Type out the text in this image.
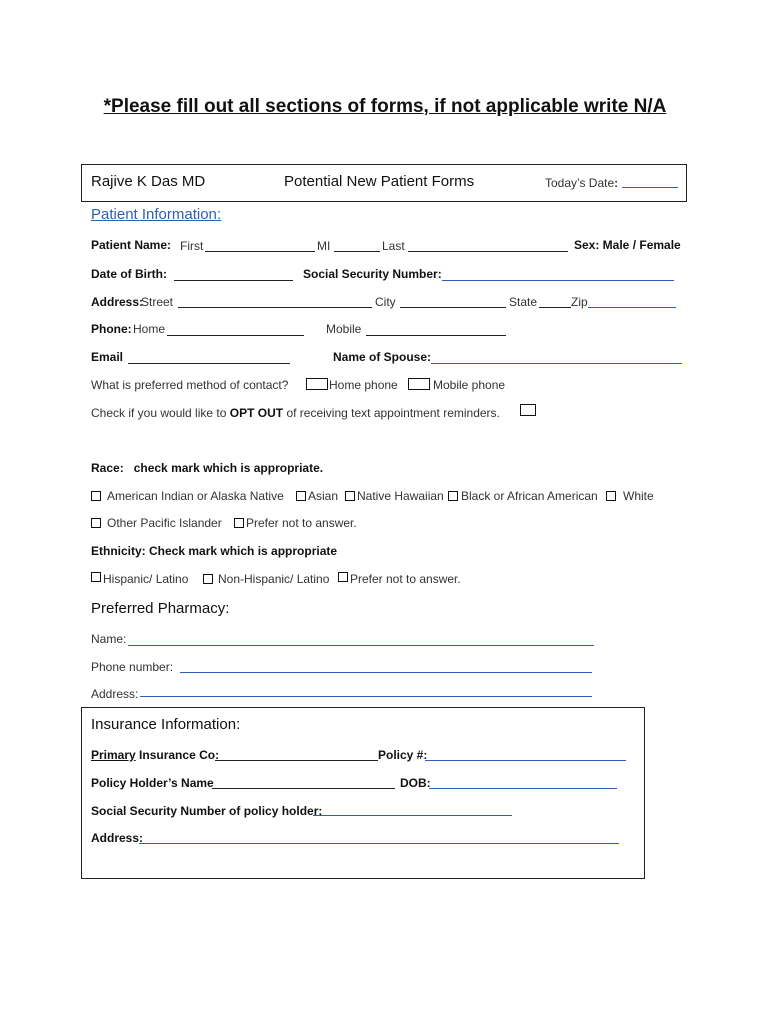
*Please fill out all sections of forms, if not applicable write N/A
Rajive K Das MD	Potential New Patient Forms	Today’s Date:
Patient Information:
Patient Name: First	MI	Last	Sex: Male / Female
Date of Birth:	Social Security Number:
Address:
Street	City	State	Zip
Phone: Home	Mobile
Email	Name of Spouse:
What is preferred method of contact?	Home phone	Mobile phone
Check if you would like to OPT OUT of receiving text appointment reminders.
Race: check mark which is appropriate.
American Indian or Alaska Native Asian Native Hawaiian Black or African American White
Other Pacific Islander Prefer not to answer.
Ethnicity: Check mark which is appropriate
Hispanic/ Latino Non-Hispanic/ Latino Prefer not to answer.
Preferred Pharmacy:
Name:
Phone number:
Address:
Insurance Information:
Primary Insurance Co:	Policy #:
Policy Holder’s Name	DOB:
Social Security Number of policy holder:
Address:
